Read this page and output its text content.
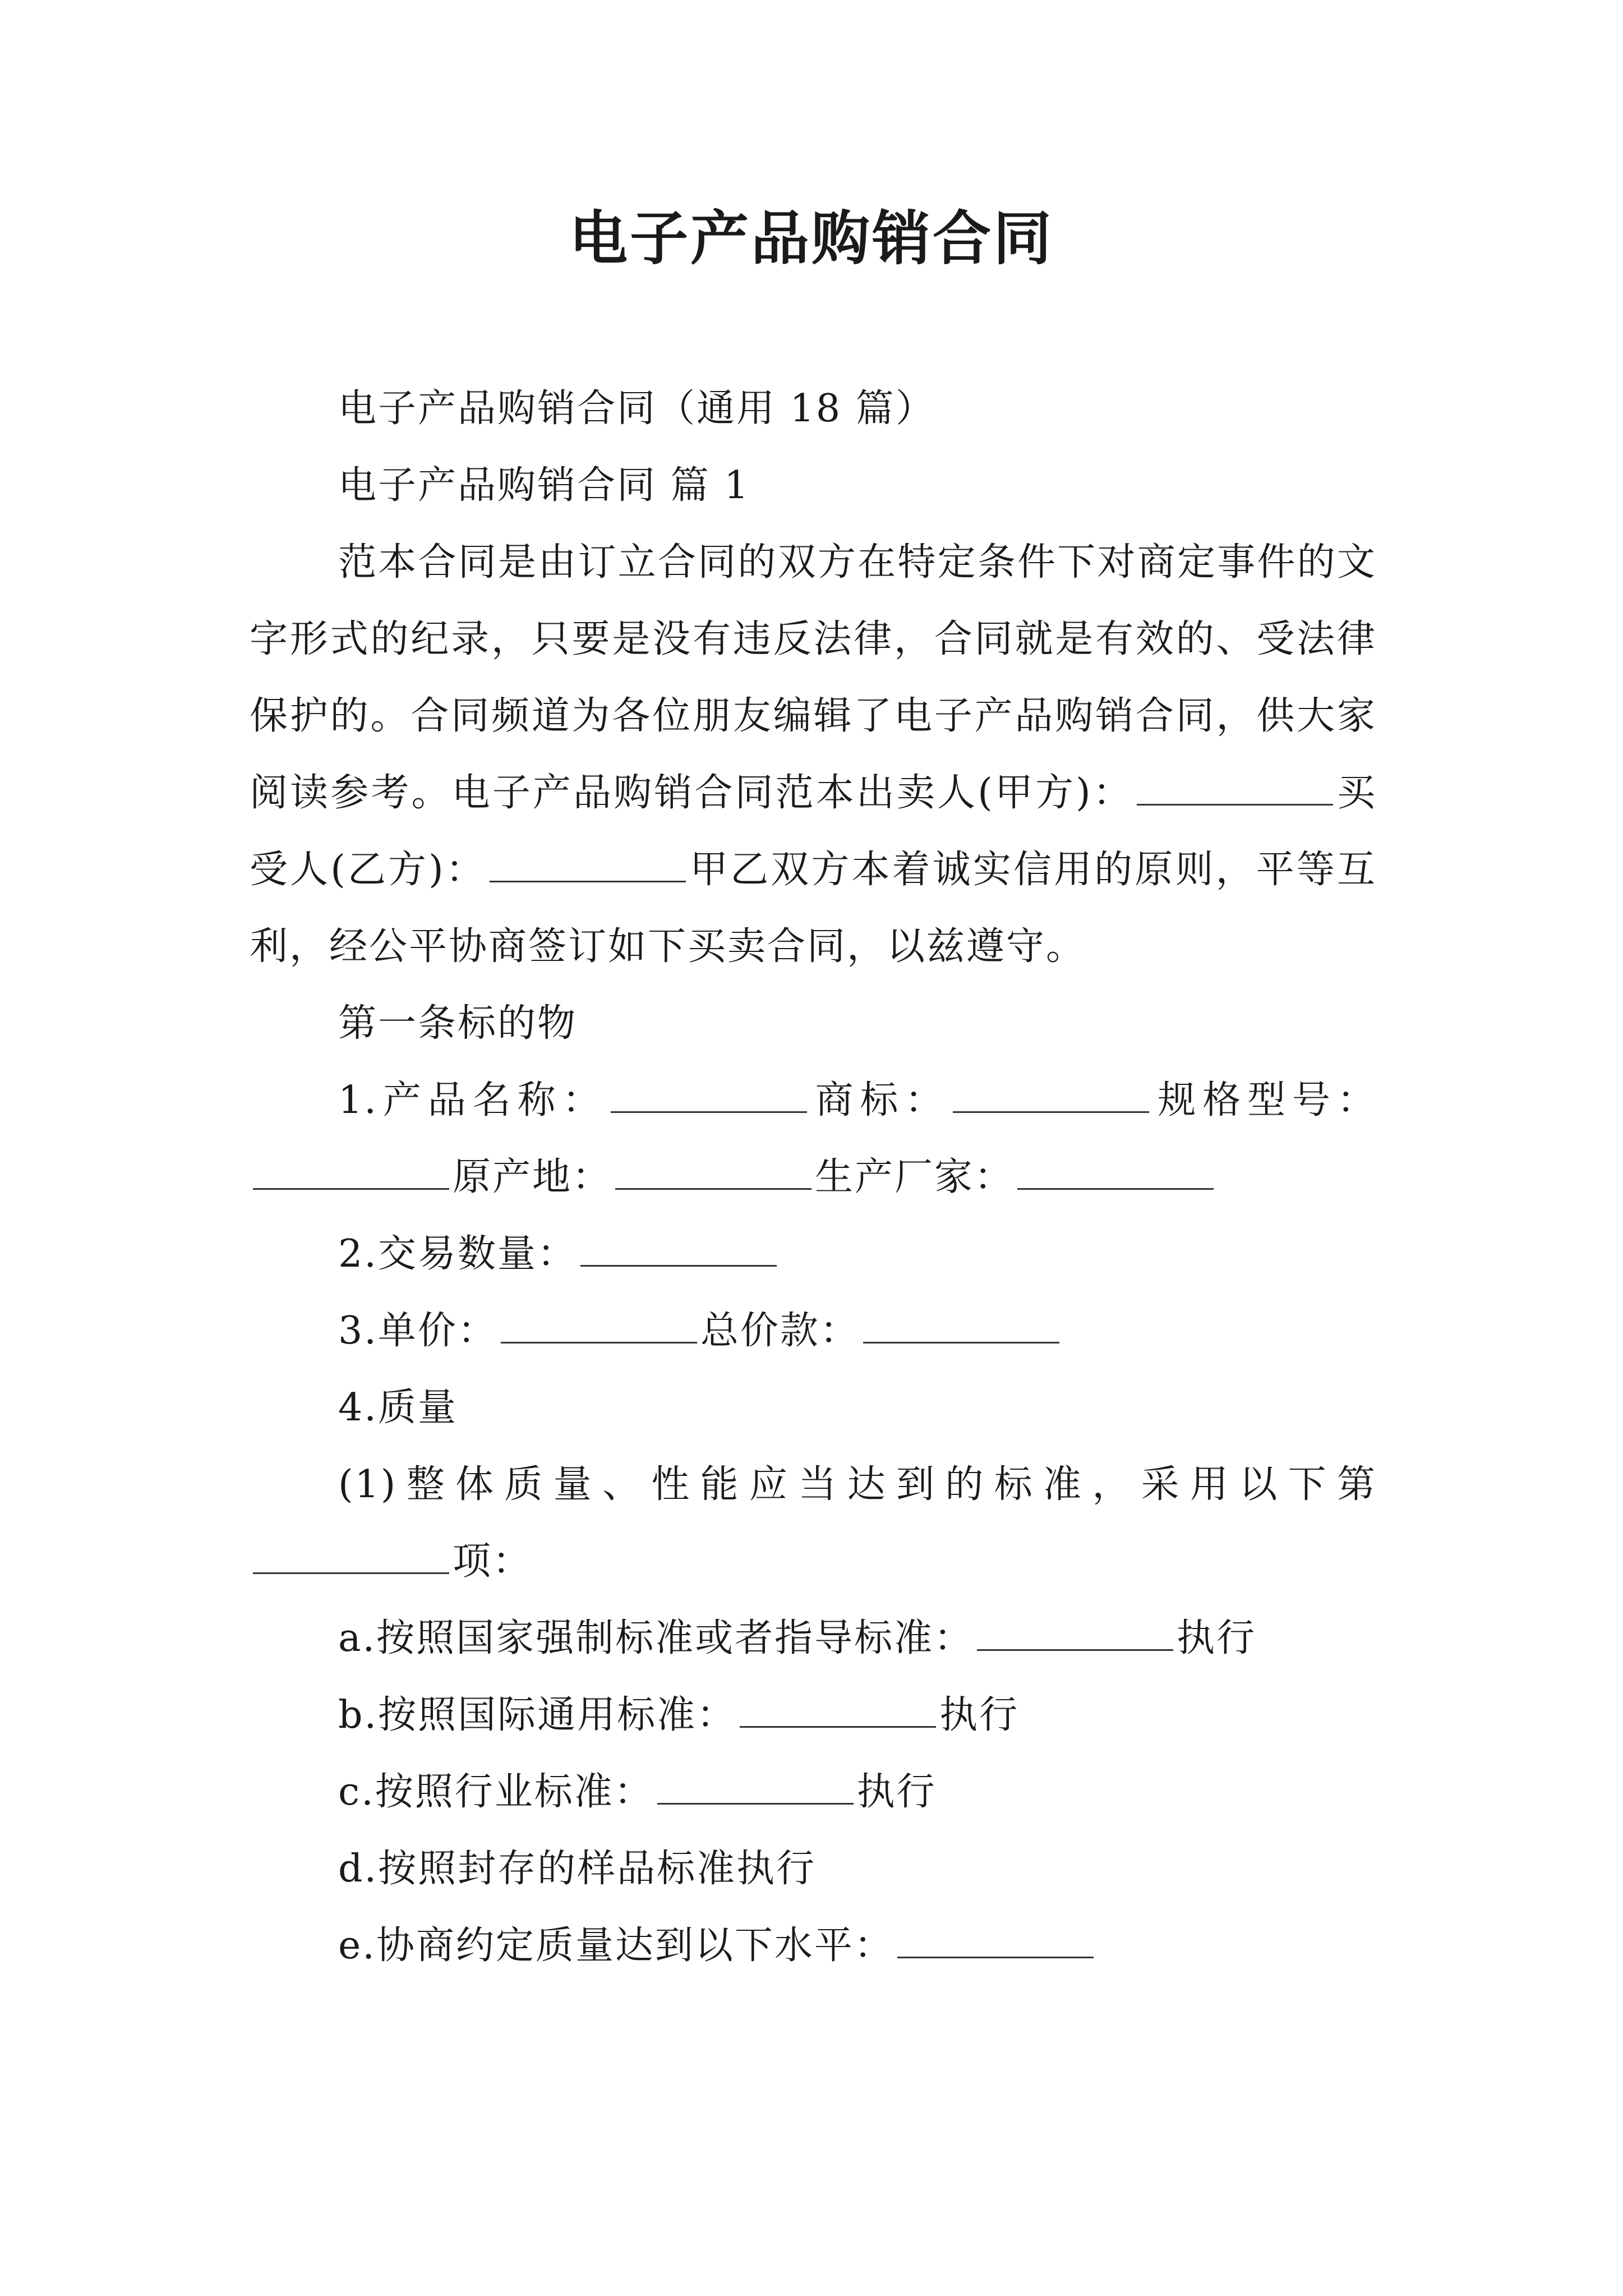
电子产品购销合同

电子产品购销合同（通用 18 篇）

电子产品购销合同 篇 1

范本合同是由订立合同的双方在特定条件下对商定事件的文字形式的纪录，只要是没有违反法律，合同就是有效的、受法律保护的。合同频道为各位朋友编辑了电子产品购销合同，供大家阅读参考。电子产品购销合同范本出卖人(甲方)：	买受人(乙方)：	甲乙双方本着诚实信用的原则，平等互利，经公平协商签订如下买卖合同，以兹遵守。

第一条标的物

1.产品名称：	商标：	规格型号：原产地：	生产厂家：

2.交易数量：

3.单价：	总价款：

4.质量

(1)整体质量、性能应当达到的标准，采用以下第项：

a.按照国家强制标准或者指导标准：	执行

b.按照国际通用标准：	执行

c.按照行业标准：	执行

d.按照封存的样品标准执行

e.协商约定质量达到以下水平：
